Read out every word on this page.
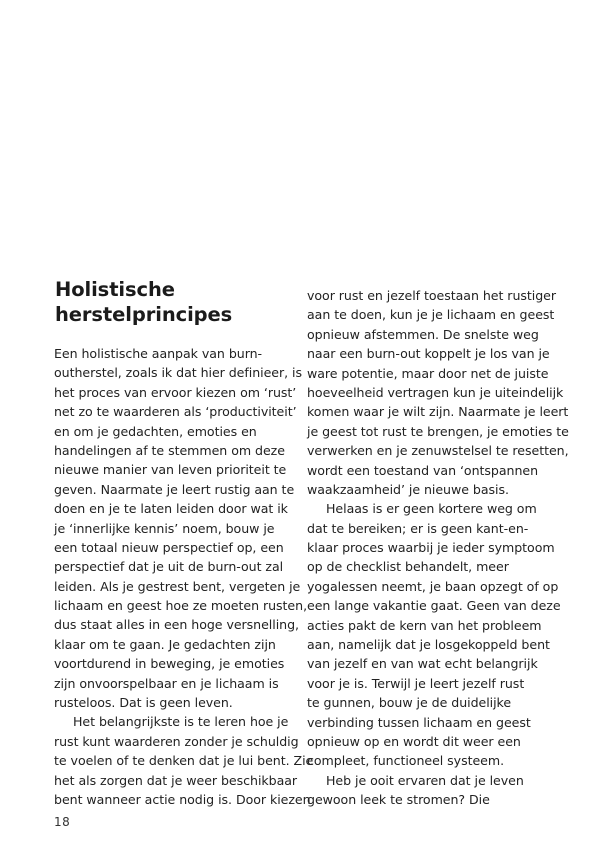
Holistische
herstelprincipes
Een holistische aanpak van burn-
outherstel, zoals ik dat hier definieer, is
het proces van ervoor kiezen om ‘rust’
net zo te waarderen als ‘productiviteit’
en om je gedachten, emoties en
handelingen af te stemmen om deze
nieuwe manier van leven prioriteit te
geven. Naarmate je leert rustig aan te
doen en je te laten leiden door wat ik
je ‘innerlijke kennis’ noem, bouw je
een totaal nieuw perspectief op, een
perspectief dat je uit de burn-out zal
leiden. Als je gestrest bent, vergeten je
lichaam en geest hoe ze moeten rusten,
dus staat alles in een hoge versnelling,
klaar om te gaan. Je gedachten zijn
voortdurend in beweging, je emoties
zijn onvoorspelbaar en je lichaam is
rusteloos. Dat is geen leven.
Het belangrijkste is te leren hoe je
rust kunt waarderen zonder je schuldig
te voelen of te denken dat je lui bent. Zie
het als zorgen dat je weer beschikbaar
bent wanneer actie nodig is. Door kiezen
voor rust en jezelf toestaan het rustiger
aan te doen, kun je je lichaam en geest
opnieuw afstemmen. De snelste weg
naar een burn-out koppelt je los van je
ware potentie, maar door net de juiste
hoeveelheid vertragen kun je uiteindelijk
komen waar je wilt zijn. Naarmate je leert
je geest tot rust te brengen, je emoties te
verwerken en je zenuwstelsel te resetten,
wordt een toestand van ‘ontspannen
waakzaamheid’ je nieuwe basis.
Helaas is er geen kortere weg om
dat te bereiken; er is geen kant-en-
klaar proces waarbij je ieder symptoom
op de checklist behandelt, meer
yogalessen neemt, je baan opzegt of op
een lange vakantie gaat. Geen van deze
acties pakt de kern van het probleem
aan, namelijk dat je losgekoppeld bent
van jezelf en van wat echt belangrijk
voor je is. Terwijl je leert jezelf rust
te gunnen, bouw je de duidelijke
verbinding tussen lichaam en geest
opnieuw op en wordt dit weer een
compleet, functioneel systeem.
Heb je ooit ervaren dat je leven
gewoon leek te stromen? Die
18
